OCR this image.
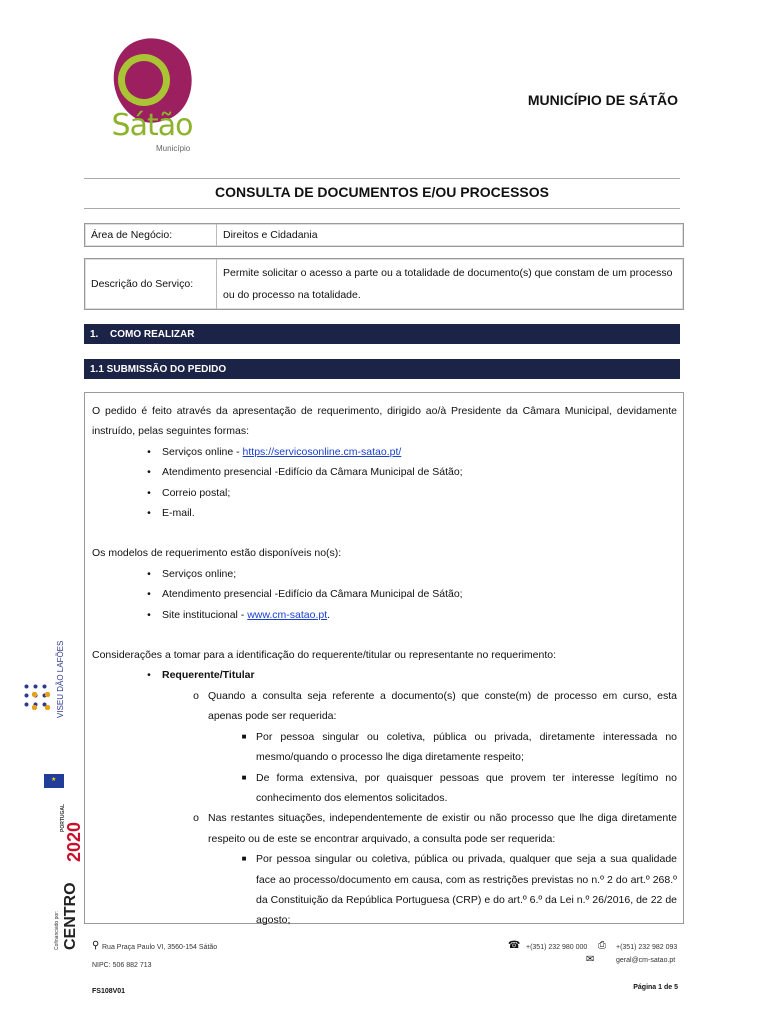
Sátão
Município
MUNICÍPIO DE SÁTÃO
CONSULTA DE DOCUMENTOS E/OU PROCESSOS
Área de Negócio:	Direitos e Cidadania
Descrição do Serviço:
Permite solicitar o acesso a parte ou a totalidade de documento(s) que constam de um processo ou do processo na totalidade.
1.	COMO REALIZAR
1.1 SUBMISSÃO DO PEDIDO

O pedido é feito através da apresentação de requerimento, dirigido ao/à Presidente da Câmara Municipal, devidamente instruído, pelas seguintes formas:

•	Serviços online - https://servicosonline.cm-satao.pt/
•	Atendimento presencial -Edifício da Câmara Municipal de Sátão;
•	Correio postal;
•	E-mail.

Os modelos de requerimento estão disponíveis no(s):

•	Serviços online;
•	Atendimento presencial -Edifício da Câmara Municipal de Sátão;
•	Site institucional - www.cm-satao.pt.

Considerações a tomar para a identificação do requerente/titular ou representante no requerimento:

•	Requerente/Titular
o Quando a consulta seja referente a documento(s) que conste(m) de processo em curso, esta apenas pode ser requerida:
■ Por pessoa singular ou coletiva, pública ou privada, diretamente interessada no mesmo/quando o processo lhe diga diretamente respeito;
■ De forma extensiva, por quaisquer pessoas que provem ter interesse legítimo no conhecimento dos elementos solicitados.
o Nas restantes situações, independentemente de existir ou não processo que lhe diga diretamente respeito ou de este se encontrar arquivado, a consulta pode ser requerida:
■ Por pessoa singular ou coletiva, pública ou privada, qualquer que seja a sua qualidade face ao processo/documento em causa, com as restrições previstas no n.º 2 do art.º 268.º da Constituição da República Portuguesa (CRP) e do art.º 6.º da Lei n.º 26/2016, de 22 de agosto;
VISEU DÃO LAFÕES
★
PORTUGAL
2020
Cofinanciado por: CENTRO ⚲ Rua Praça Paulo VI, 3560-154 Sátão
NIPC: 506 882 713
☎ +(351) 232 980 000 ⎙ +(351) 232 982 093
✉	geral@cm-satao.pt
FS108V01
Página 1 de 5
